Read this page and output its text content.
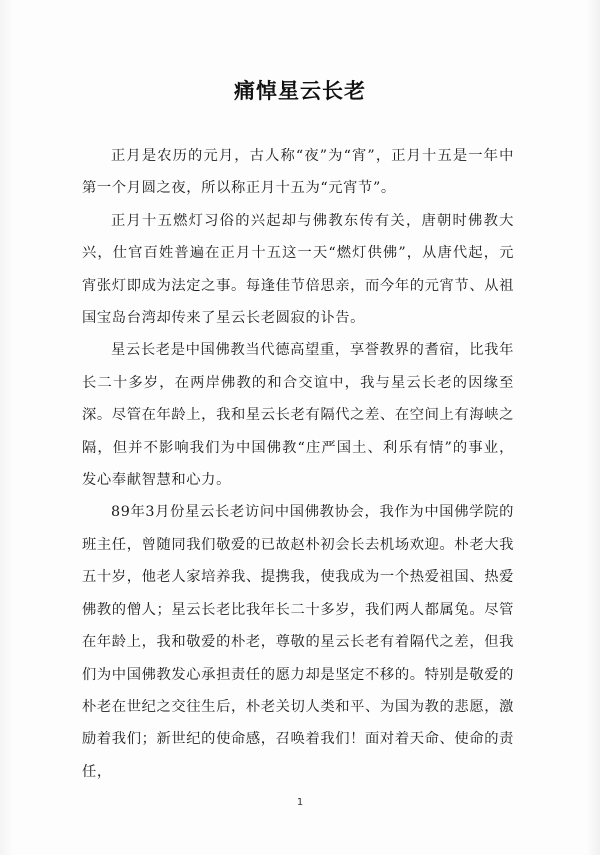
痛悼星云长老

正月是农历的元月，古人称“夜”为“宵”，正月十五是一年中第一个月圆之夜，所以称正月十五为“元宵节”。

正月十五燃灯习俗的兴起却与佛教东传有关，唐朝时佛教大兴，仕官百姓普遍在正月十五这一天“燃灯供佛”，从唐代起，元宵张灯即成为法定之事。每逢佳节倍思亲，而今年的元宵节、从祖国宝岛台湾却传来了星云长老圆寂的讣告。

星云长老是中国佛教当代德高望重，享誉教界的耆宿，比我年长二十多岁，在两岸佛教的和合交谊中，我与星云长老的因缘至深。尽管在年龄上，我和星云长老有隔代之差、在空间上有海峡之隔，但并不影响我们为中国佛教“庄严国土、利乐有情”的事业，发心奉献智慧和心力。

89年3月份星云长老访问中国佛教协会，我作为中国佛学院的班主任，曾随同我们敬爱的已故赵朴初会长去机场欢迎。朴老大我五十岁，他老人家培养我、提携我，使我成为一个热爱祖国、热爱佛教的僧人；星云长老比我年长二十多岁，我们两人都属兔。尽管在年龄上，我和敬爱的朴老，尊敬的星云长老有着隔代之差，但我们为中国佛教发心承担责任的愿力却是坚定不移的。特别是敬爱的朴老在世纪之交往生后，朴老关切人类和平、为国为教的悲愿，激励着我们；新世纪的使命感，召唤着我们！面对着天命、使命的责任，

1
